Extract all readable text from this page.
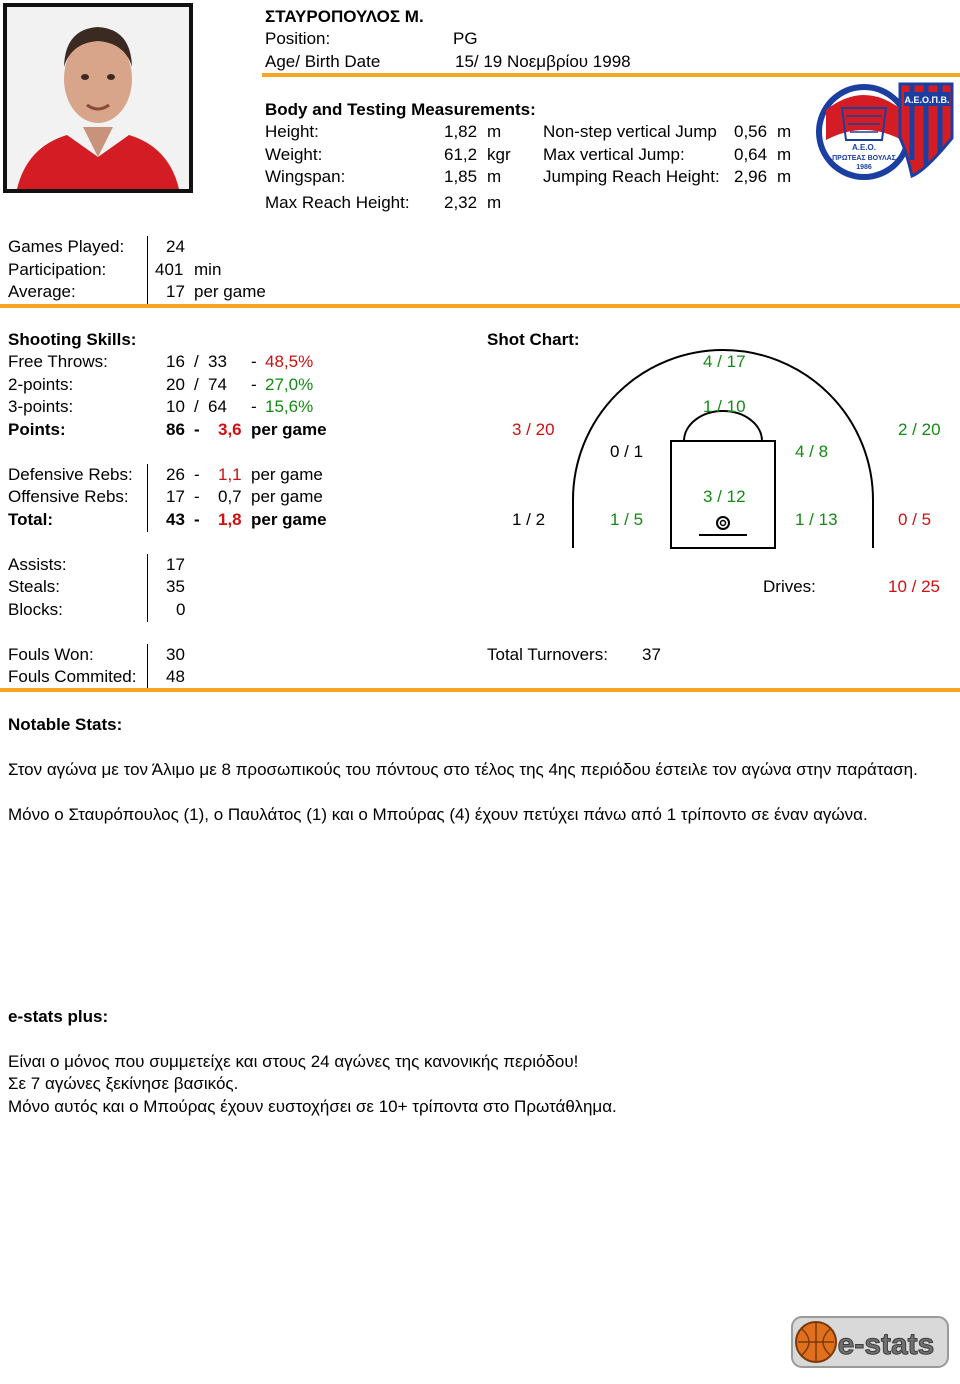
ΣΤΑΥΡΟΠΟΥΛΟΣ Μ.
Position:	PG
Age/ Birth Date	15/ 19 Νοεμβρίου 1998
Body and Testing Measurements:
Height:	1,82 m
Weight:	61,2 kgr
Wingspan:	1,85 m
Max Reach Height: 2,32 m
Non-step vertical Jump 0,56 m
Max vertical Jump:	0,64 m
Jumping Reach Height: 2,96 m
Α.Ε.Ο.Π.Β.
Α.Ε.Ο.
ΠΡΩΤΕΑΣ ΒΟΥΛΑΣ
1986
Games Played: 24
Participation:	401 min
Average:	17 per game
Shooting Skills:
Free Throws:	16 / 33 - 48,5%
2-points:	20 / 74 - 27,0%
3-points:	10 / 64 - 15,6%
Points:	86 - 3,6 per game
Defensive Rebs: 26 - 1,1 per game
Offensive Rebs: 17 - 0,7 per game
Total:	43 - 1,8 per game
Shot Chart:
4 / 17
1 / 10
3 / 20	2 / 20
0 / 1	4 / 8
3 / 12
1 / 2	1 / 5	1 / 13	0 / 5
Assists:	17
Steals:	35
Blocks:	0
Drives:	10 / 25
Fouls Won:	30
Fouls Commited: 48
Total Turnovers: 37
Notable Stats:
Στον αγώνα με τον Άλιμο με 8 προσωπικούς του πόντους στο τέλος της 4ης περιόδου έστειλε τον αγώνα στην παράταση.
Μόνο ο Σταυρόπουλος (1), ο Παυλάτος (1) και ο Μπούρας (4) έχουν πετύχει πάνω από 1 τρίποντο σε έναν αγώνα.
e-stats plus:
Είναι ο μόνος που συμμετείχε και στους 24 αγώνες της κανονικής περιόδου!
Σε 7 αγώνες ξεκίνησε βασικός.
Μόνο αυτός και ο Μπούρας έχουν ευστοχήσει σε 10+ τρίποντα στο Πρωτάθλημα.
e-stats
